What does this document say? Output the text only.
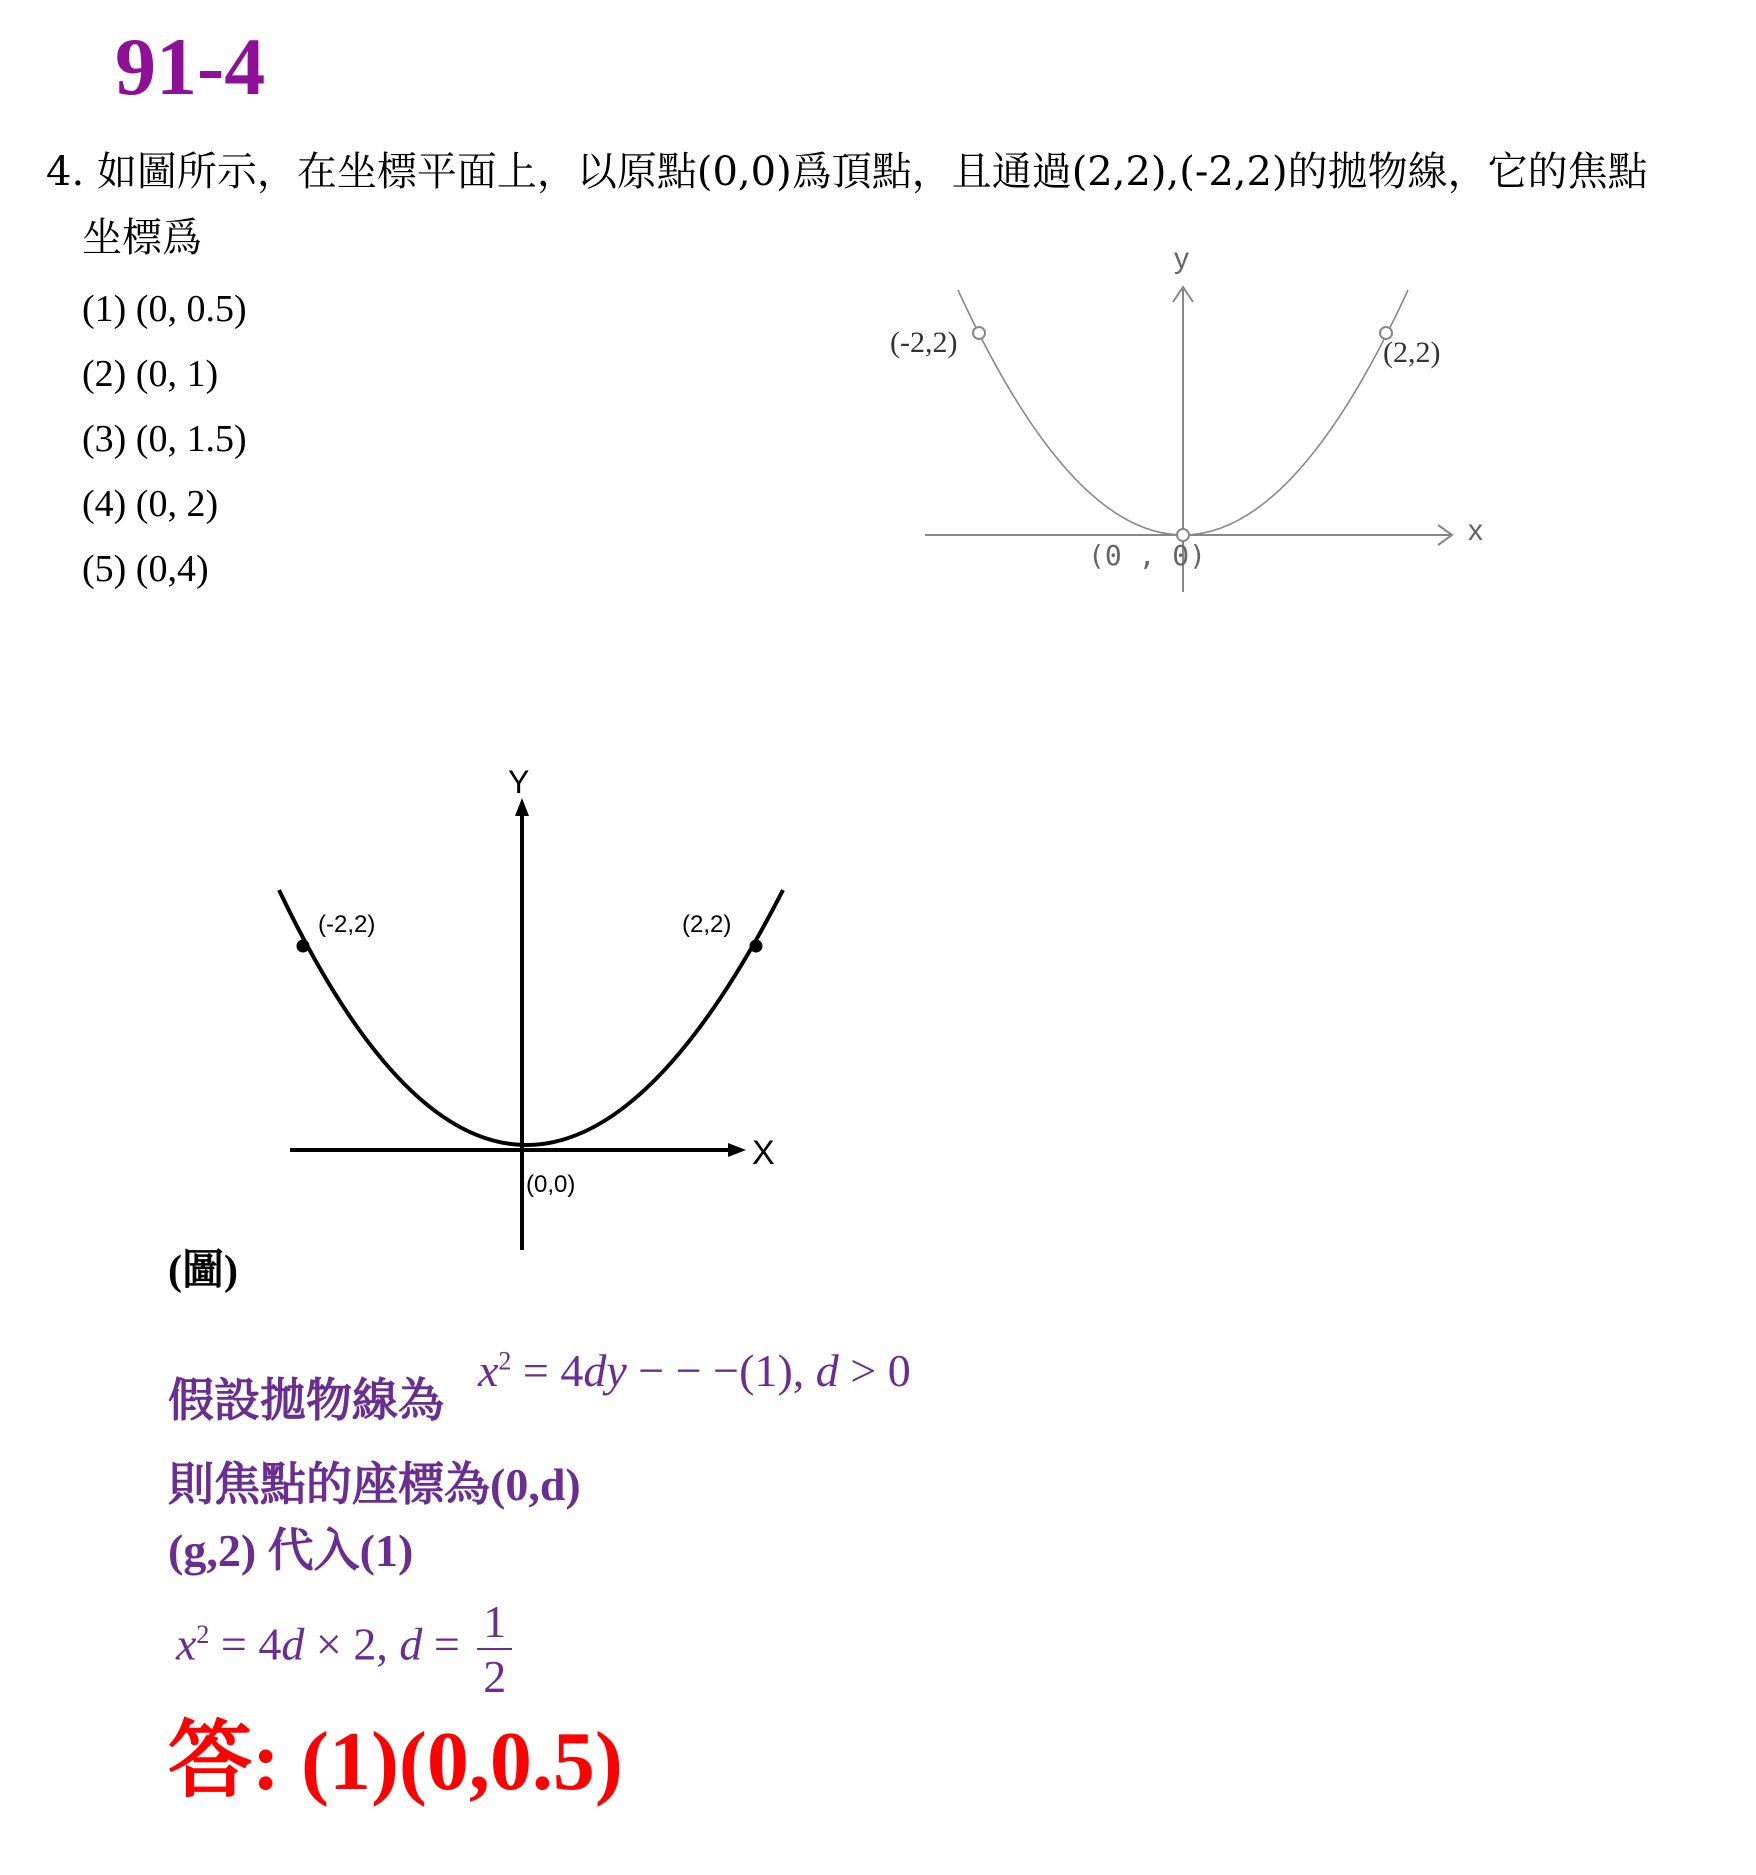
91-4
4. 如圖所示，在坐標平面上，以原點(0,0)爲頂點，且通過(2,2),(-2,2)的拋物線，它的焦點
坐標爲
(1) (0, 0.5)
(2) (0, 1)
(3) (0, 1.5)
(4) (0, 2)
(5) (0,4)
y
x
(0 , 0)
(-2,2)	(2,2)
Y
X
(0,0)
(-2,2)	(2,2)
(圖)
假設拋物線為
$x^2 = 4dy$ − − −(1), d > 0
則焦點的座標為(0,d)
(g,2) 代入(1)
$x^2 = 4d \times 2$, $d = \frac{1}{2}$
答: (1)(0,0.5)
